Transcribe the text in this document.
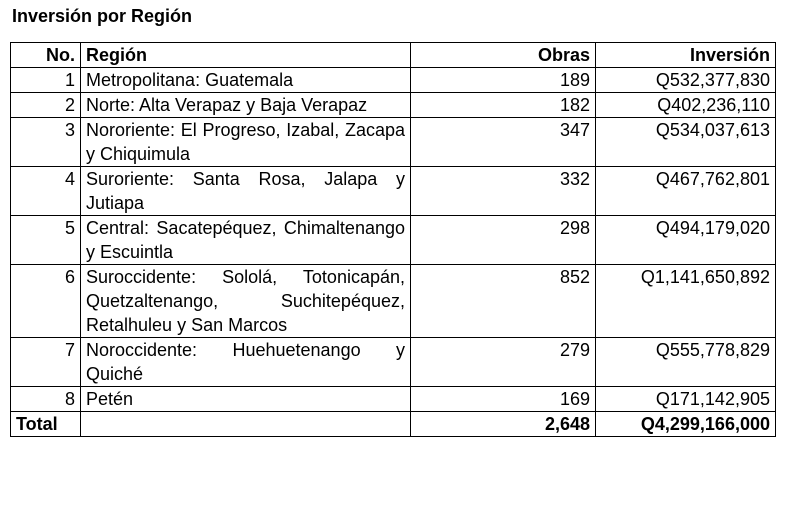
Inversión por Región
No.	Región	Obras	Inversión
1	Metropolitana: Guatemala	189	Q532,377,830
2	Norte: Alta Verapaz y Baja Verapaz	182	Q402,236,110
3	Nororiente: El Progreso, Izabal, Zacapa y Chiquimula	347	Q534,037,613
4	Suroriente: Santa Rosa, Jalapa y Jutiapa	332	Q467,762,801
5	Central: Sacatepéquez, Chimaltenango y Escuintla	298	Q494,179,020
6	Suroccidente: Sololá, Totonicapán, Quetzaltenango, Suchitepéquez, Retalhuleu y San Marcos	852	Q1,141,650,892
7	Noroccidente: Huehuetenango y Quiché	279	Q555,778,829
8	Petén	169	Q171,142,905
Total		2,648	Q4,299,166,000
